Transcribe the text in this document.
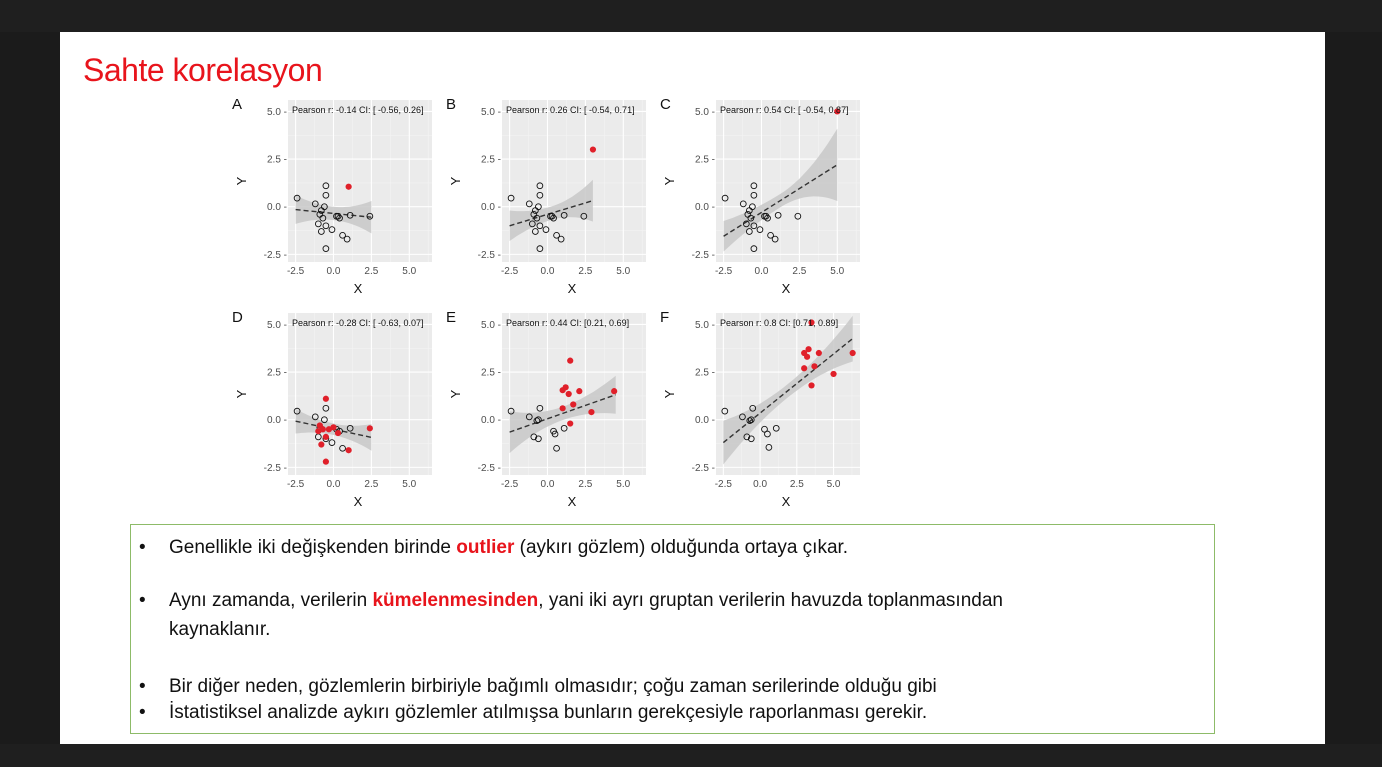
Sahte korelasyon
A	Pearson r: -0.14 CI: [ -0.56, 0.26]
-2.5 0.0 2.5 5.0
-2.5 -
0.0 -
2.5 -
5.0 -
X
Y
B	Pearson r: 0.26 CI: [ -0.54, 0.71]
-2.5 0.0 2.5 5.0
-2.5 -
0.0 -
2.5 -
5.0 -
X
Y
C	Pearson r: 0.54 CI: [ -0.54, 0.87]
-2.5 0.0 2.5 5.0
-2.5 -
0.0 -
2.5 -
5.0 -
X
Y
D	Pearson r: -0.28 CI: [ -0.63, 0.07]
-2.5 0.0 2.5 5.0
-2.5 -
0.0 -
2.5 -
5.0 -
X
Y
E	Pearson r: 0.44 CI: [0.21, 0.69]
-2.5 0.0 2.5 5.0
-2.5 -
0.0 -
2.5 -
5.0 -
X
Y
F	Pearson r: 0.8 CI: [0.71, 0.89]
-2.5 0.0 2.5 5.0
-2.5 -
0.0 -
2.5 -
5.0 -
X
Y
• Genellikle iki değişkenden birinde outlier (aykırı gözlem) olduğunda ortaya çıkar.
• Aynı zamanda, verilerin kümelenmesinden, yani iki ayrı gruptan verilerin havuzda toplanmasından
kaynaklanır.
• Bir diğer neden, gözlemlerin birbiriyle bağımlı olmasıdır; çoğu zaman serilerinde olduğu gibi
• İstatistiksel analizde aykırı gözlemler atılmışsa bunların gerekçesiyle raporlanması gerekir.
